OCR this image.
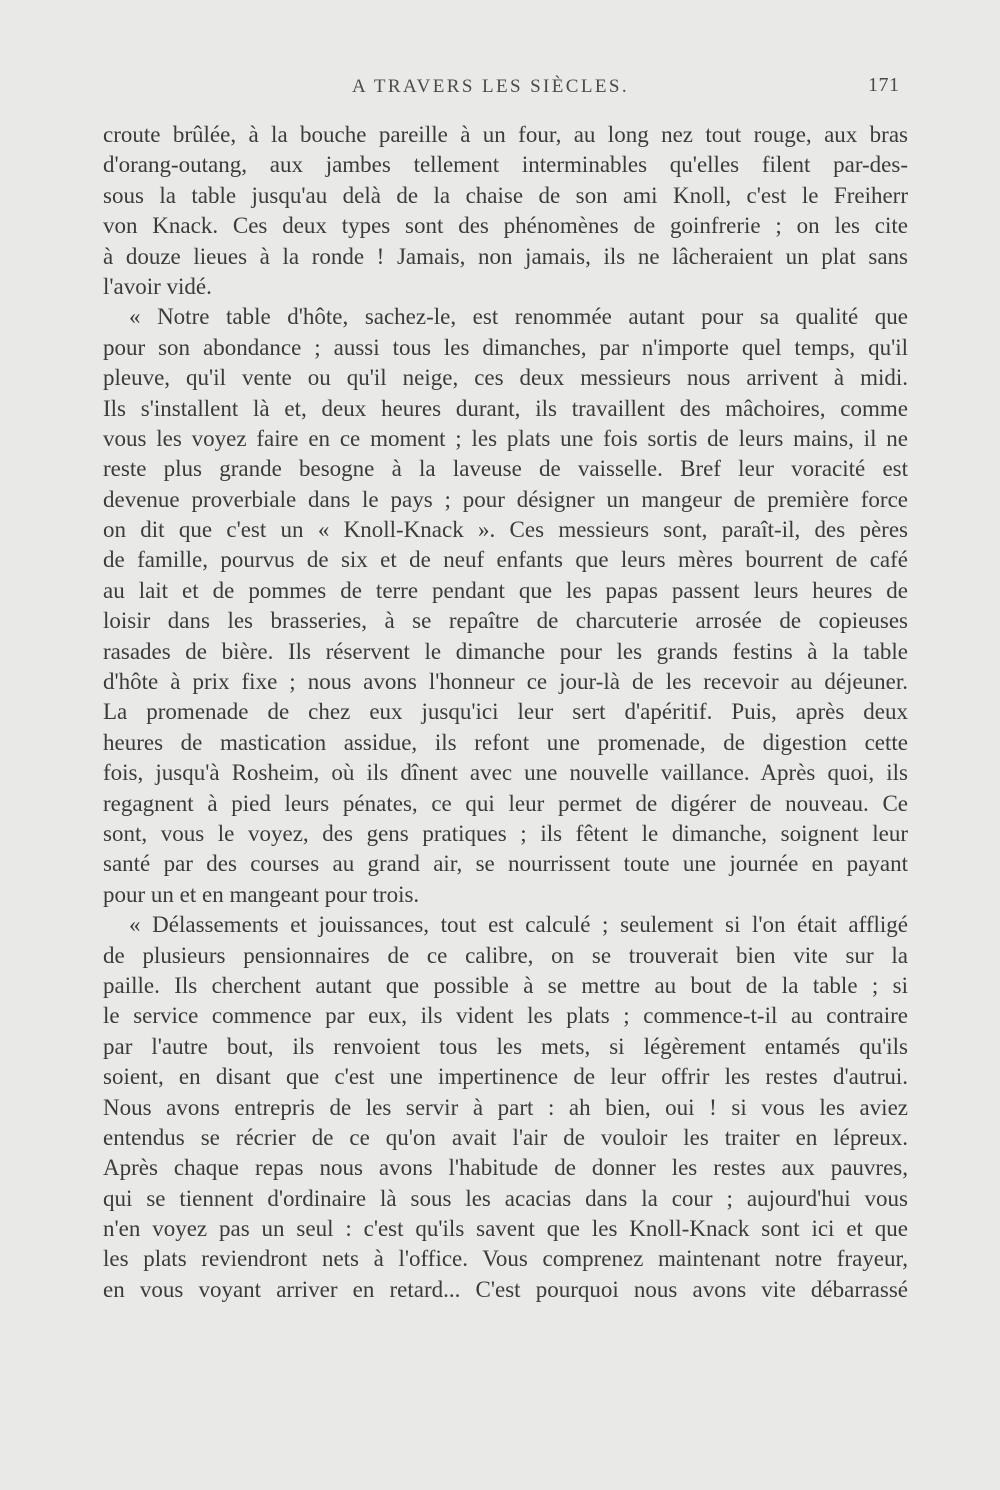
A TRAVERS LES SIÈCLES.	171
croute brûlée, à la bouche pareille à un four, au long nez tout rouge, aux bras
d'orang-outang, aux jambes tellement interminables qu'elles filent par-des-
sous la table jusqu'au delà de la chaise de son ami Knoll, c'est le Freiherr
von Knack. Ces deux types sont des phénomènes de goinfrerie ; on les cite
à douze lieues à la ronde ! Jamais, non jamais, ils ne lâcheraient un plat sans
l'avoir vidé.
« Notre table d'hôte, sachez-le, est renommée autant pour sa qualité que
pour son abondance ; aussi tous les dimanches, par n'importe quel temps, qu'il
pleuve, qu'il vente ou qu'il neige, ces deux messieurs nous arrivent à midi.
Ils s'installent là et, deux heures durant, ils travaillent des mâchoires, comme
vous les voyez faire en ce moment ; les plats une fois sortis de leurs mains, il ne
reste plus grande besogne à la laveuse de vaisselle. Bref leur voracité est
devenue proverbiale dans le pays ; pour désigner un mangeur de première force
on dit que c'est un « Knoll-Knack ». Ces messieurs sont, paraît-il, des pères
de famille, pourvus de six et de neuf enfants que leurs mères bourrent de café
au lait et de pommes de terre pendant que les papas passent leurs heures de
loisir dans les brasseries, à se repaître de charcuterie arrosée de copieuses
rasades de bière. Ils réservent le dimanche pour les grands festins à la table
d'hôte à prix fixe ; nous avons l'honneur ce jour-là de les recevoir au déjeuner.
La promenade de chez eux jusqu'ici leur sert d'apéritif. Puis, après deux
heures de mastication assidue, ils refont une promenade, de digestion cette
fois, jusqu'à Rosheim, où ils dînent avec une nouvelle vaillance. Après quoi, ils
regagnent à pied leurs pénates, ce qui leur permet de digérer de nouveau. Ce
sont, vous le voyez, des gens pratiques ; ils fêtent le dimanche, soignent leur
santé par des courses au grand air, se nourrissent toute une journée en payant
pour un et en mangeant pour trois.
« Délassements et jouissances, tout est calculé ; seulement si l'on était affligé
de plusieurs pensionnaires de ce calibre, on se trouverait bien vite sur la
paille. Ils cherchent autant que possible à se mettre au bout de la table ; si
le service commence par eux, ils vident les plats ; commence-t-il au contraire
par l'autre bout, ils renvoient tous les mets, si légèrement entamés qu'ils
soient, en disant que c'est une impertinence de leur offrir les restes d'autrui.
Nous avons entrepris de les servir à part : ah bien, oui ! si vous les aviez
entendus se récrier de ce qu'on avait l'air de vouloir les traiter en lépreux.
Après chaque repas nous avons l'habitude de donner les restes aux pauvres,
qui se tiennent d'ordinaire là sous les acacias dans la cour ; aujourd'hui vous
n'en voyez pas un seul : c'est qu'ils savent que les Knoll-Knack sont ici et que
les plats reviendront nets à l'office. Vous comprenez maintenant notre frayeur,
en vous voyant arriver en retard... C'est pourquoi nous avons vite débarrassé
